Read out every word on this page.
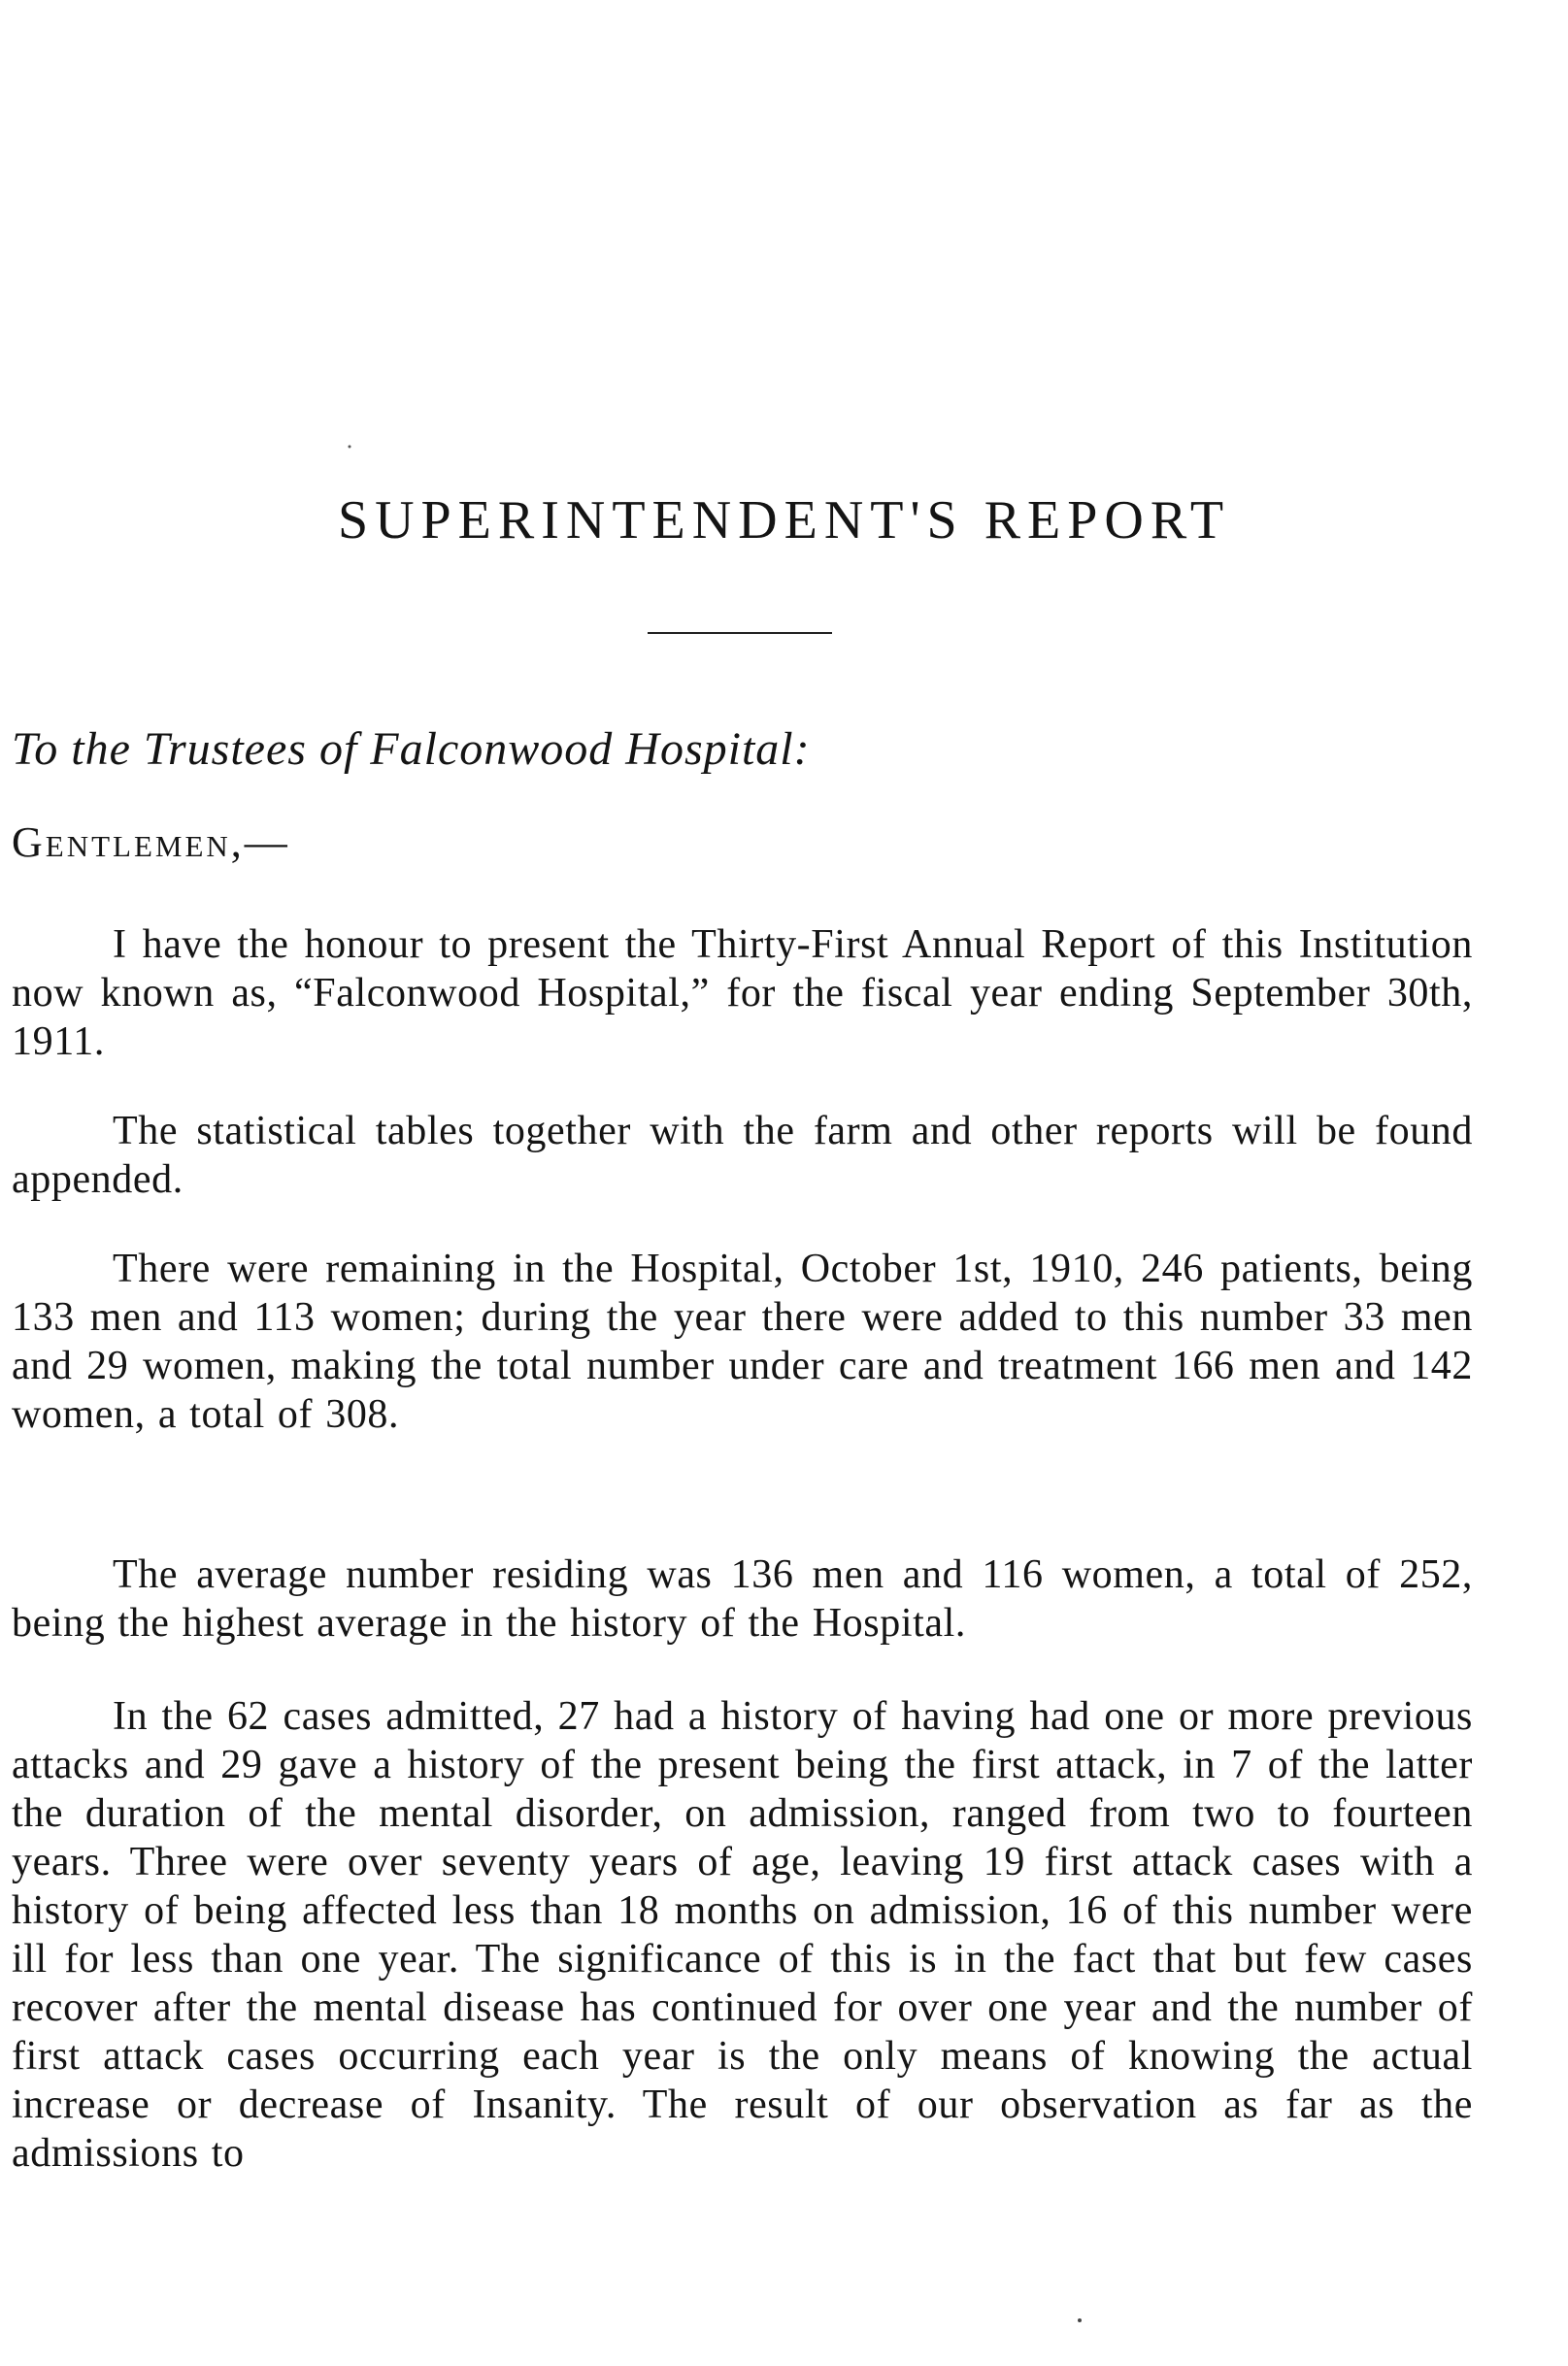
SUPERINTENDENT'S REPORT

To the Trustees of Falconwood Hospital:

Gentlemen,—

I have the honour to present the Thirty-First Annual Report of this Institution now known as, “Falconwood Hospital,” for the fiscal year ending September 30th, 1911.

The statistical tables together with the farm and other reports will be found appended.

There were remaining in the Hospital, October 1st, 1910, 246 patients, being 133 men and 113 women; during the year there were added to this number 33 men and 29 women, making the total number under care and treatment 166 men and 142 women, a total of 308.

The average number residing was 136 men and 116 women, a total of 252, being the highest average in the history of the Hospital.

In the 62 cases admitted, 27 had a history of having had one or more previous attacks and 29 gave a history of the present being the first attack, in 7 of the latter the duration of the mental disorder, on admission, ranged from two to fourteen years. Three were over seventy years of age, leaving 19 first attack cases with a history of being affected less than 18 months on admission, 16 of this number were ill for less than one year. The significance of this is in the fact that but few cases recover after the mental disease has continued for over one year and the number of first attack cases occurring each year is the only means of knowing the actual increase or decrease of Insanity. The result of our observation as far as the admissions to
